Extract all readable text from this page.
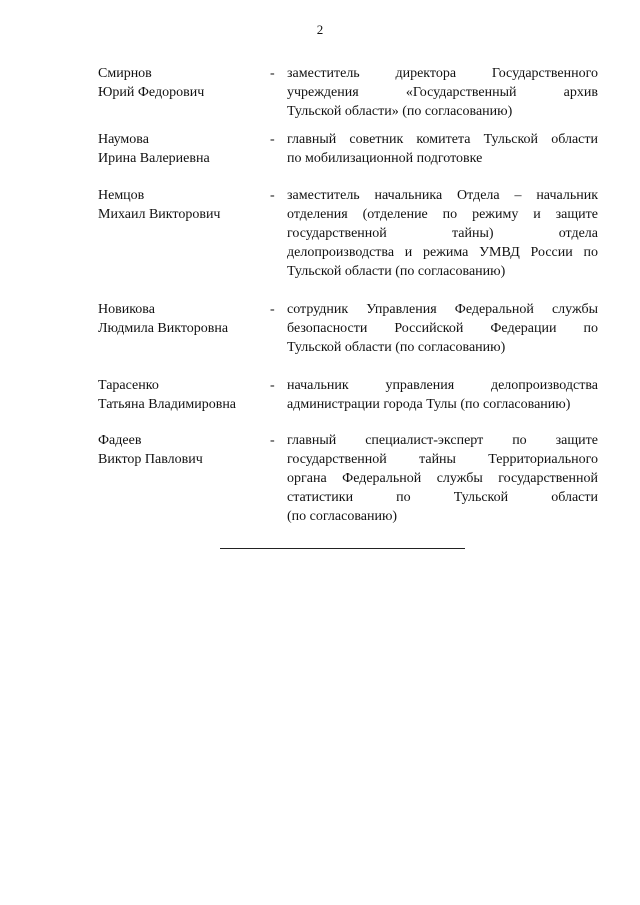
2
Смирнов
Юрий Федорович
- заместитель директора Государственного
учреждения «Государственный архив
Тульской области» (по согласованию)
Наумова
Ирина Валериевна
- главный советник комитета Тульской области
по мобилизационной подготовке
Немцов
Михаил Викторович
- заместитель начальника Отдела – начальник
отделения (отделение по режиму и защите
государственной тайны) отдела
делопроизводства и режима УМВД России по
Тульской области (по согласованию)
Новикова
Людмила Викторовна
- сотрудник Управления Федеральной службы
безопасности Российской Федерации по
Тульской области (по согласованию)
Тарасенко
Татьяна Владимировна
- начальник управления делопроизводства
администрации города Тулы (по согласованию)
Фадеев
Виктор Павлович
- главный специалист-эксперт по защите
государственной тайны Территориального
органа Федеральной службы государственной
статистики по Тульской области
(по согласованию)
